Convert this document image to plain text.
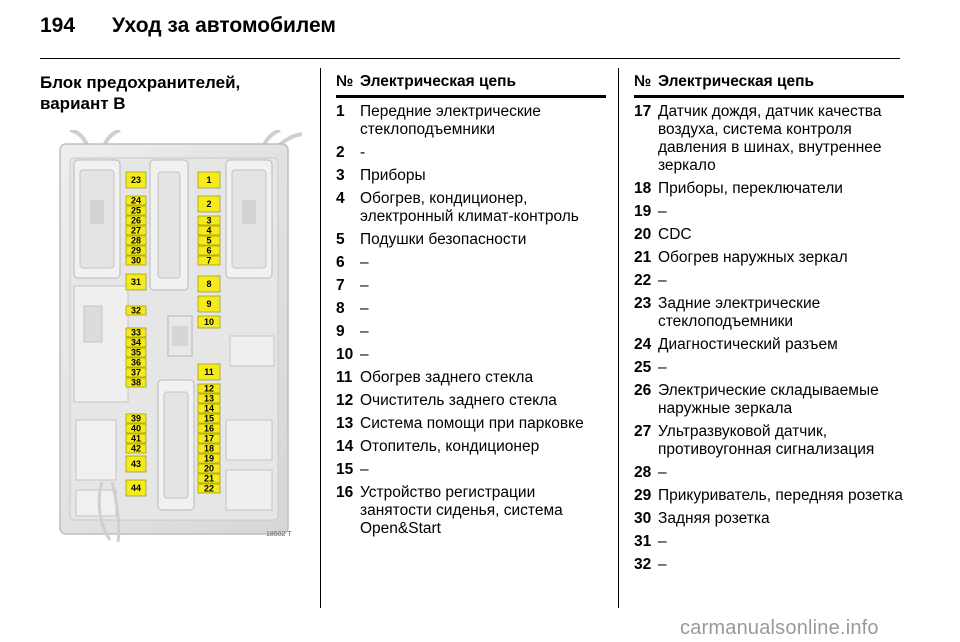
194	Уход за автомобилем
Блок предохранителей,
вариант В
23
24
25
26
27
28
29
30
31
32
33
34
35
36
37
38
39
40
41
42
43
44
1
2
3
4
5
6
7
8
9
10
11
12
13
14
15
16
17
18
19
20
21
22
18502 T
№ Электрическая цепь
1 Передние электрические стеклоподъемники
2 -
3 Приборы
4 Обогрев, кондиционер, электронный климат-контроль
5 Подушки безопасности
6 –
7 –
8 –
9 –
10 –
11 Обогрев заднего стекла
12 Очиститель заднего стекла
13 Система помощи при парковке
14 Отопитель, кондиционер
15 –
16 Устройство регистрации занятости сиденья, система Open&Start
№ Электрическая цепь
17 Датчик дождя, датчик качества воздуха, система контроля давления в шинах, внутреннее зеркало
18 Приборы, переключатели
19 –
20 CDC
21 Обогрев наружных зеркал
22 –
23 Задние электрические стеклоподъемники
24 Диагностический разъем
25 –
26 Электрические складываемые наружные зеркала
27 Ультразвуковой датчик, противоугонная сигнализация
28 –
29 Прикуриватель, передняя розетка
30 Задняя розетка
31 –
32 –
carmanualsonline.info
